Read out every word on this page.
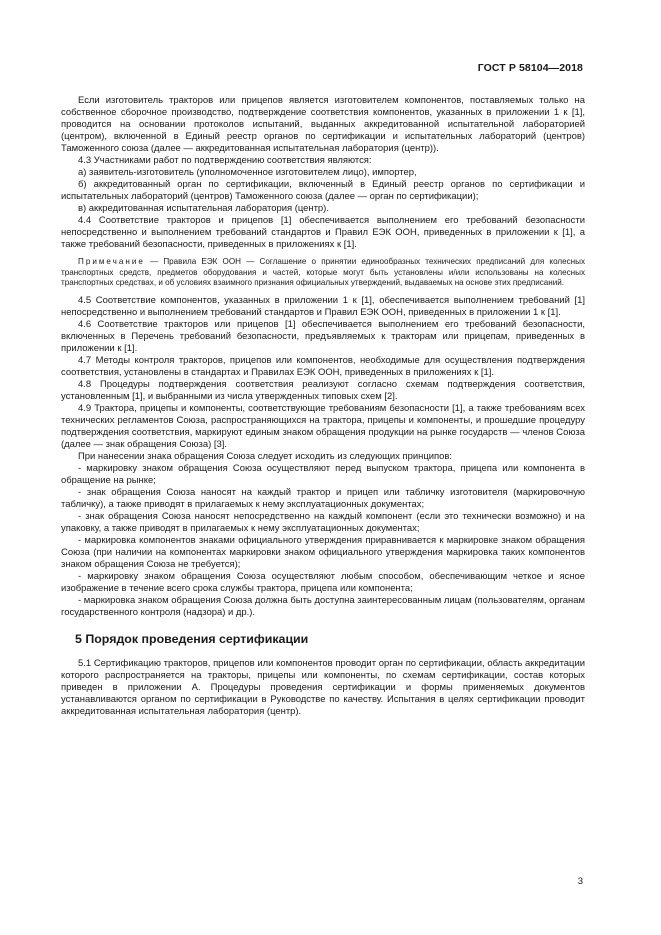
ГОСТ Р 58104—2018

Если изготовитель тракторов или прицепов является изготовителем компонентов, поставляемых только на собственное сборочное производство, подтверждение соответствия компонентов, указанных в приложении 1 к [1], проводится на основании протоколов испытаний, выданных аккредитованной испытательной лабораторией (центром), включенной в Единый реестр органов по сертификации и испытательных лабораторий (центров) Таможенного союза (далее — аккредитованная испытательная лаборатория (центр)).

4.3 Участниками работ по подтверждению соответствия являются:

а) заявитель-изготовитель (уполномоченное изготовителем лицо), импортер,

б) аккредитованный орган по сертификации, включенный в Единый реестр органов по сертификации и испытательных лабораторий (центров) Таможенного союза (далее — орган по сертификации);

в) аккредитованная испытательная лаборатория (центр).

4.4 Соответствие тракторов и прицепов [1] обеспечивается выполнением его требований безопасности непосредственно и выполнением требований стандартов и Правил ЕЭК ООН, приведенных в приложении к [1], а также требований безопасности, приведенных в приложениях к [1].

Примечание — Правила ЕЭК ООН — Соглашение о принятии единообразных технических предписаний для колесных транспортных средств, предметов оборудования и частей, которые могут быть установлены и/или использованы на колесных транспортных средствах, и об условиях взаимного признания официальных утверждений, выдаваемых на основе этих предписаний.

4.5 Соответствие компонентов, указанных в приложении 1 к [1], обеспечивается выполнением требований [1] непосредственно и выполнением требований стандартов и Правил ЕЭК ООН, приведенных в приложении 1 к [1].

4.6 Соответствие тракторов или прицепов [1] обеспечивается выполнением его требований безопасности, включенных в Перечень требований безопасности, предъявляемых к тракторам или прицепам, приведенных в приложении к [1].

4.7 Методы контроля тракторов, прицепов или компонентов, необходимые для осуществления подтверждения соответствия, установлены в стандартах и Правилах ЕЭК ООН, приведенных в приложениях к [1].

4.8 Процедуры подтверждения соответствия реализуют согласно схемам подтверждения соответствия, установленным [1], и выбранными из числа утвержденных типовых схем [2].

4.9 Трактора, прицепы и компоненты, соответствующие требованиям безопасности [1], а также требованиям всех технических регламентов Союза, распространяющихся на трактора, прицепы и компоненты, и прошедшие процедуру подтверждения соответствия, маркируют единым знаком обращения продукции на рынке государств — членов Союза (далее — знак обращения Союза) [3].

При нанесении знака обращения Союза следует исходить из следующих принципов:

- маркировку знаком обращения Союза осуществляют перед выпуском трактора, прицепа или компонента в обращение на рынке;

- знак обращения Союза наносят на каждый трактор и прицеп или табличку изготовителя (маркировочную табличку), а также приводят в прилагаемых к нему эксплуатационных документах;

- знак обращения Союза наносят непосредственно на каждый компонент (если это технически возможно) и на упаковку, а также приводят в прилагаемых к нему эксплуатационных документах;

- маркировка компонентов знаками официального утверждения приравнивается к маркировке знаком обращения Союза (при наличии на компонентах маркировки знаком официального утверждения маркировка таких компонентов знаком обращения Союза не требуется);

- маркировку знаком обращения Союза осуществляют любым способом, обеспечивающим четкое и ясное изображение в течение всего срока службы трактора, прицепа или компонента;

- маркировка знаком обращения Союза должна быть доступна заинтересованным лицам (пользователям, органам государственного контроля (надзора) и др.).

5 Порядок проведения сертификации

5.1 Сертификацию тракторов, прицепов или компонентов проводит орган по сертификации, область аккредитации которого распространяется на тракторы, прицепы или компоненты, по схемам сертификации, состав которых приведен в приложении А. Процедуры проведения сертификации и формы применяемых документов устанавливаются органом по сертификации в Руководстве по качеству. Испытания в целях сертификации проводит аккредитованная испытательная лаборатория (центр).

3
